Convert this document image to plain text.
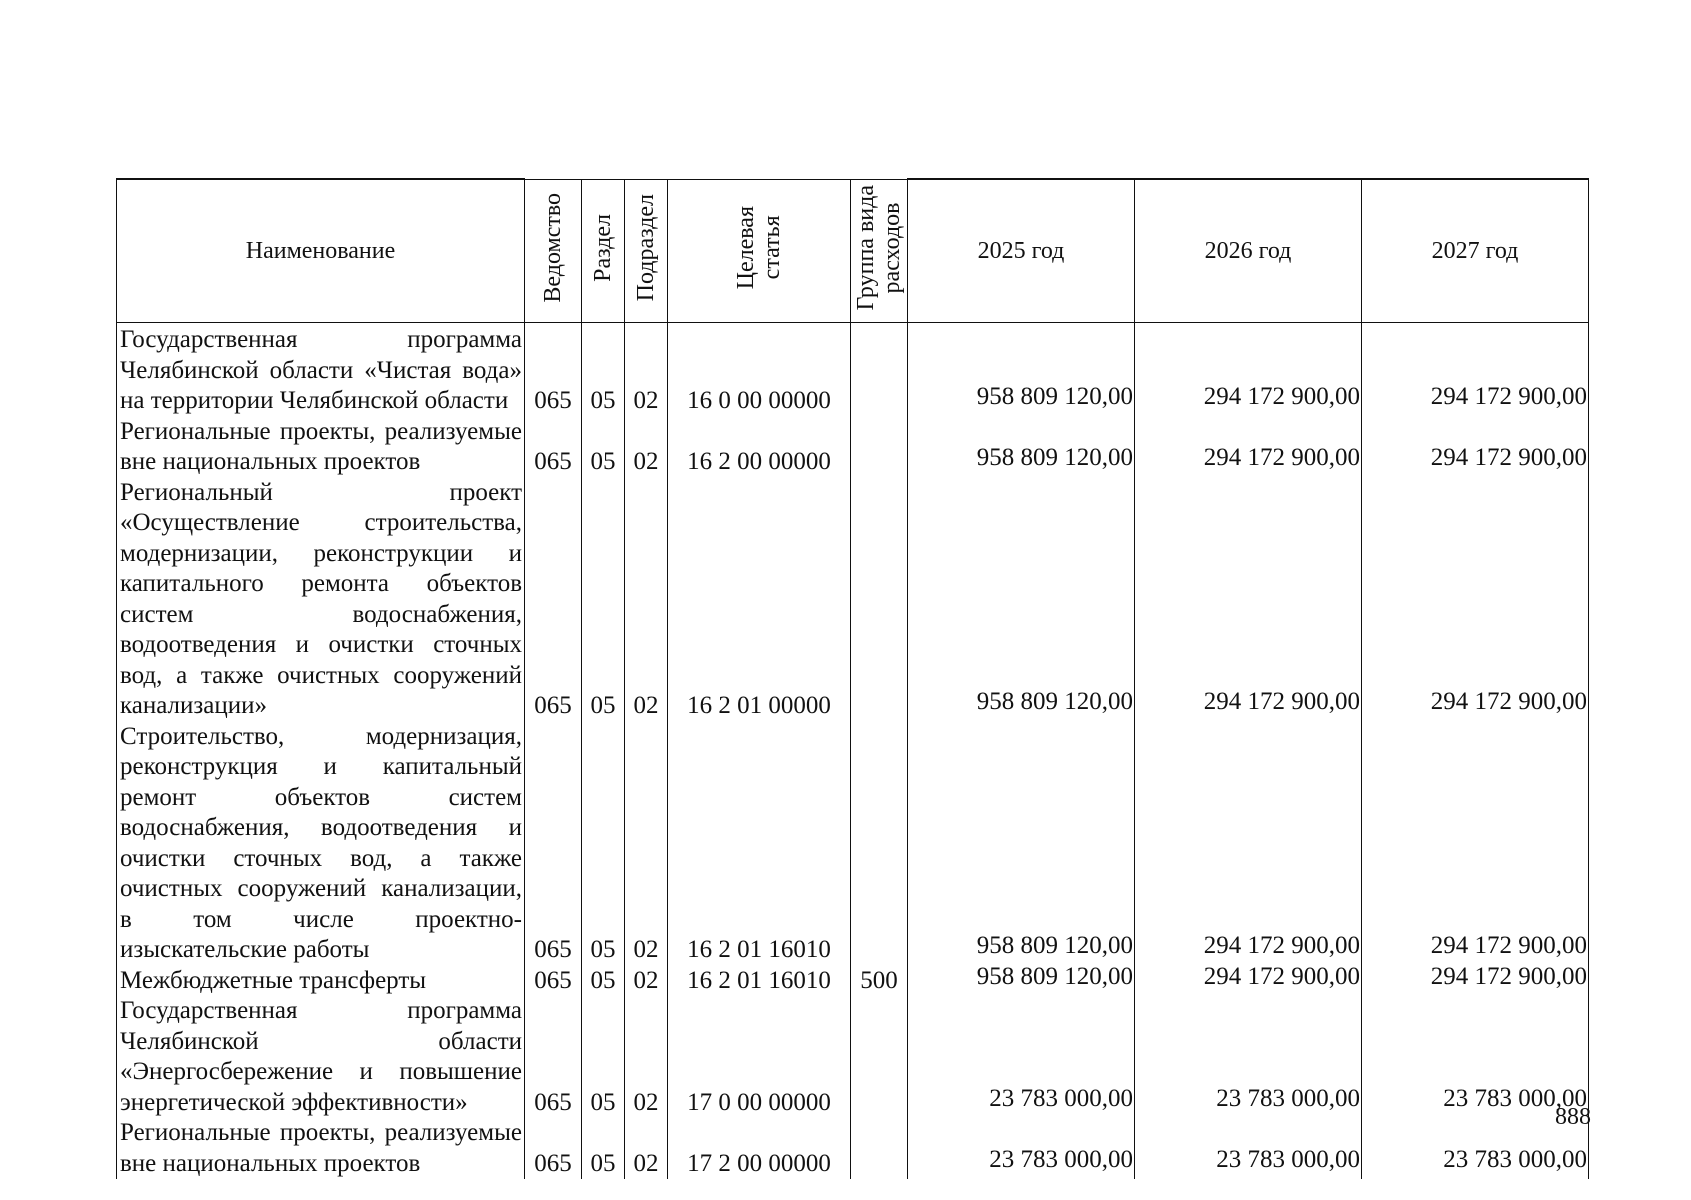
Наименование	Ведомство	Раздел	Подраздел	Целевая
статья	Группа вида
расходов	2025 год	2026 год	2027 год
Государственная программа Челябинской области «Чистая вода» на территории Челябинской области	065	05	02	16 0 00 00000		958 809 120,00	294 172 900,00	294 172 900,00
Региональные проекты, реализуемые вне национальных проектов	065	05	02	16 2 00 00000		958 809 120,00	294 172 900,00	294 172 900,00
Региональный проект «Осуществление строительства, модернизации, реконструкции и капитального ремонта объектов систем водоснабжения, водоотведения и очистки сточных вод, а также очистных сооружений канализации»	065	05	02	16 2 01 00000		958 809 120,00	294 172 900,00	294 172 900,00
Строительство, модернизация, реконструкция и капитальный ремонт объектов систем водоснабжения, водоотведения и очистки сточных вод, а также очистных сооружений канализации, в том числе проектно-изыскательские работы	065	05	02	16 2 01 16010		958 809 120,00	294 172 900,00	294 172 900,00
Межбюджетные трансферты	065	05	02	16 2 01 16010	500	958 809 120,00	294 172 900,00	294 172 900,00
Государственная программа Челябинской области «Энергосбережение и повышение энергетической эффективности»	065	05	02	17 0 00 00000		23 783 000,00	23 783 000,00	23 783 000,00
Региональные проекты, реализуемые вне национальных проектов	065	05	02	17 2 00 00000		23 783 000,00	23 783 000,00	23 783 000,00
888
